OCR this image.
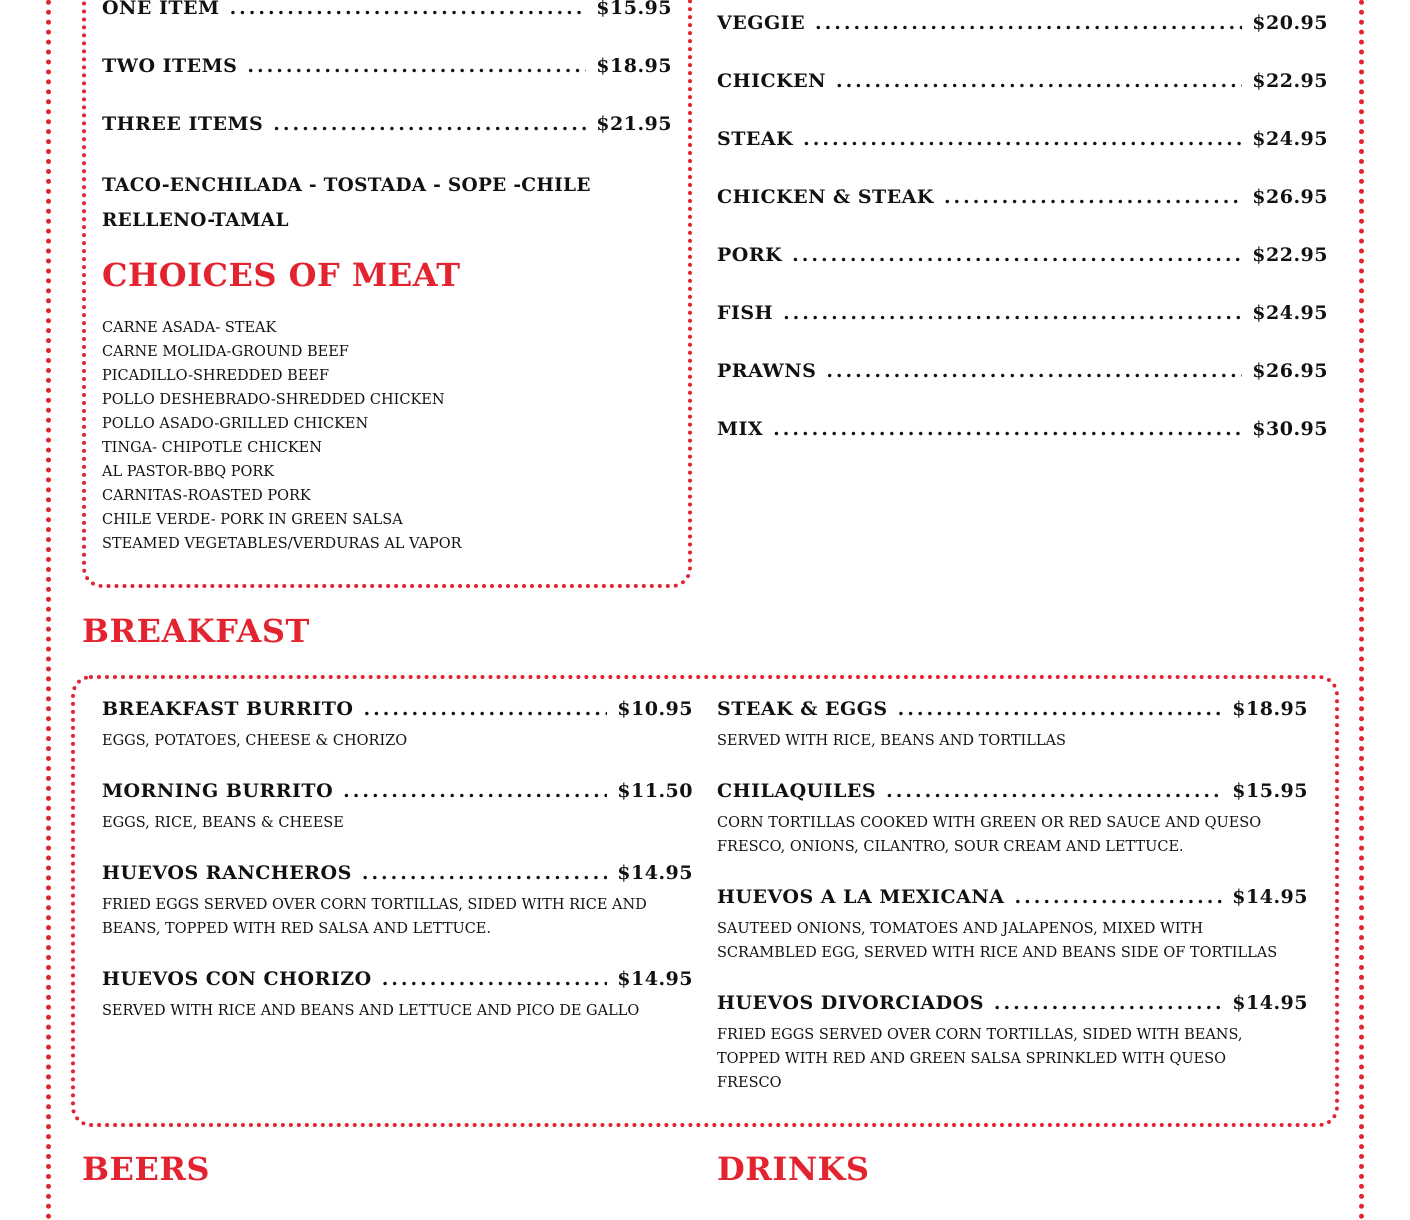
ONE ITEM .....	$15.95
TWO ITEMS .....	$18.95
THREE ITEMS .....	$21.95
TACO-ENCHILADA - TOSTADA - SOPE -CHILE RELLENO-TAMAL
CHOICES OF MEAT
CARNE ASADA- STEAK
CARNE MOLIDA-GROUND BEEF
PICADILLO-SHREDDED BEEF
POLLO DESHEBRADO-SHREDDED CHICKEN
POLLO ASADO-GRILLED CHICKEN
TINGA- CHIPOTLE CHICKEN
AL PASTOR-BBQ PORK
CARNITAS-ROASTED PORK
CHILE VERDE- PORK IN GREEN SALSA
STEAMED VEGETABLES/VERDURAS AL VAPOR
VEGGIE .....	$20.95
CHICKEN .....	$22.95
STEAK .....	$24.95
CHICKEN & STEAK .....	$26.95
PORK .....	$22.95
FISH .....	$24.95
PRAWNS .....	$26.95
MIX .....	$30.95
BREAKFAST
BREAKFAST BURRITO .....	$10.95
EGGS, POTATOES, CHEESE & CHORIZO
MORNING BURRITO .....	$11.50
EGGS, RICE, BEANS & CHEESE
HUEVOS RANCHEROS .....	$14.95
FRIED EGGS SERVED OVER CORN TORTILLAS, SIDED WITH RICE AND BEANS, TOPPED WITH RED SALSA AND LETTUCE.
HUEVOS CON CHORIZO .....	$14.95
SERVED WITH RICE AND BEANS AND LETTUCE AND PICO DE GALLO
STEAK & EGGS .....	$18.95
SERVED WITH RICE, BEANS AND TORTILLAS
CHILAQUILES .....	$15.95
CORN TORTILLAS COOKED WITH GREEN OR RED SAUCE AND QUESO FRESCO, ONIONS, CILANTRO, SOUR CREAM AND LETTUCE.
HUEVOS A LA MEXICANA .....	$14.95
SAUTEED ONIONS, TOMATOES AND JALAPENOS, MIXED WITH SCRAMBLED EGG, SERVED WITH RICE AND BEANS SIDE OF TORTILLAS
HUEVOS DIVORCIADOS .....	$14.95
FRIED EGGS SERVED OVER CORN TORTILLAS, SIDED WITH BEANS, TOPPED WITH RED AND GREEN SALSA SPRINKLED WITH QUESO FRESCO
BEERS	DRINKS
